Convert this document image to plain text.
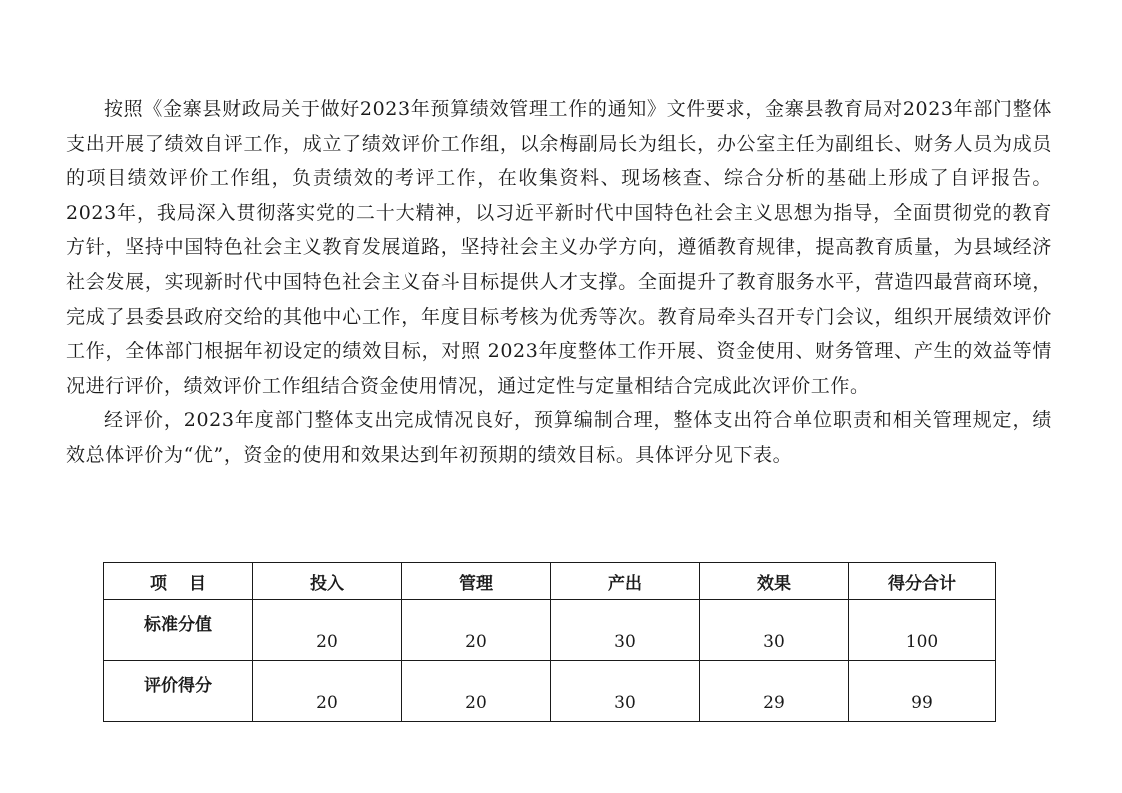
按照《金寨县财政局关于做好2023年预算绩效管理工作的通知》文件要求，金寨县教育局对2023年部门整体支出开展了绩效自评工作，成立了绩效评价工作组，以余梅副局长为组长，办公室主任为副组长、财务人员为成员的项目绩效评价工作组，负责绩效的考评工作，在收集资料、现场核查、综合分析的基础上形成了自评报告。2023年，我局深入贯彻落实党的二十大精神，以习近平新时代中国特色社会主义思想为指导，全面贯彻党的教育方针，坚持中国特色社会主义教育发展道路，坚持社会主义办学方向，遵循教育规律，提高教育质量，为县域经济社会发展，实现新时代中国特色社会主义奋斗目标提供人才支撑。全面提升了教育服务水平，营造四最营商环境，完成了县委县政府交给的其他中心工作，年度目标考核为优秀等次。教育局牵头召开专门会议，组织开展绩效评价工作，全体部门根据年初设定的绩效目标，对照 2023年度整体工作开展、资金使用、财务管理、产生的效益等情况进行评价，绩效评价工作组结合资金使用情况，通过定性与定量相结合完成此次评价工作。

经评价，2023年度部门整体支出完成情况良好，预算编制合理，整体支出符合单位职责和相关管理规定，绩效总体评价为“优”，资金的使用和效果达到年初预期的绩效目标。具体评分见下表。

项目	投入	管理	产出	效果	得分合计
标准分值	20	20	30	30	100
评价得分	20	20	30	29	99
